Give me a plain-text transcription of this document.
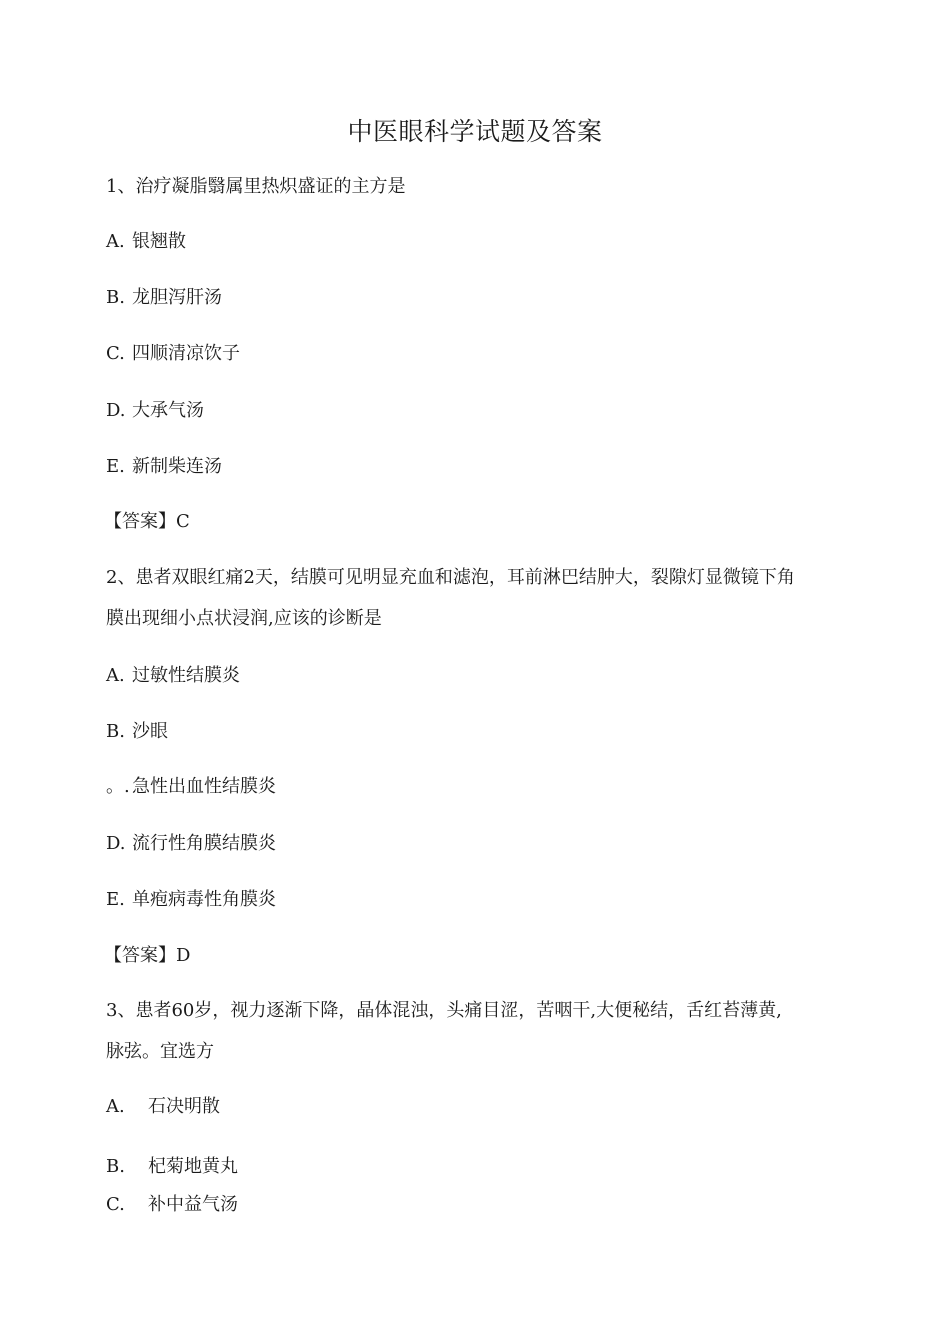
中医眼科学试题及答案
1、治疗凝脂翳属里热炽盛证的主方是
A. 银翘散
B. 龙胆泻肝汤
C. 四顺清凉饮子
D. 大承气汤
E. 新制柴连汤
【答案】C
2、患者双眼红痛2天，结膜可见明显充血和滤泡，耳前淋巴结肿大，裂隙灯显微镜下角
膜出现细小点状浸润,应该的诊断是
A. 过敏性结膜炎
B. 沙眼
。. 急性出血性结膜炎
D. 流行性角膜结膜炎
E. 单疱病毒性角膜炎
【答案】D
3、患者60岁，视力逐渐下降，晶体混浊，头痛目涩，苦咽干,大便秘结，舌红苔薄黄,
脉弦。宜选方
A. 石决明散
B. 杞菊地黄丸
C. 补中益气汤
